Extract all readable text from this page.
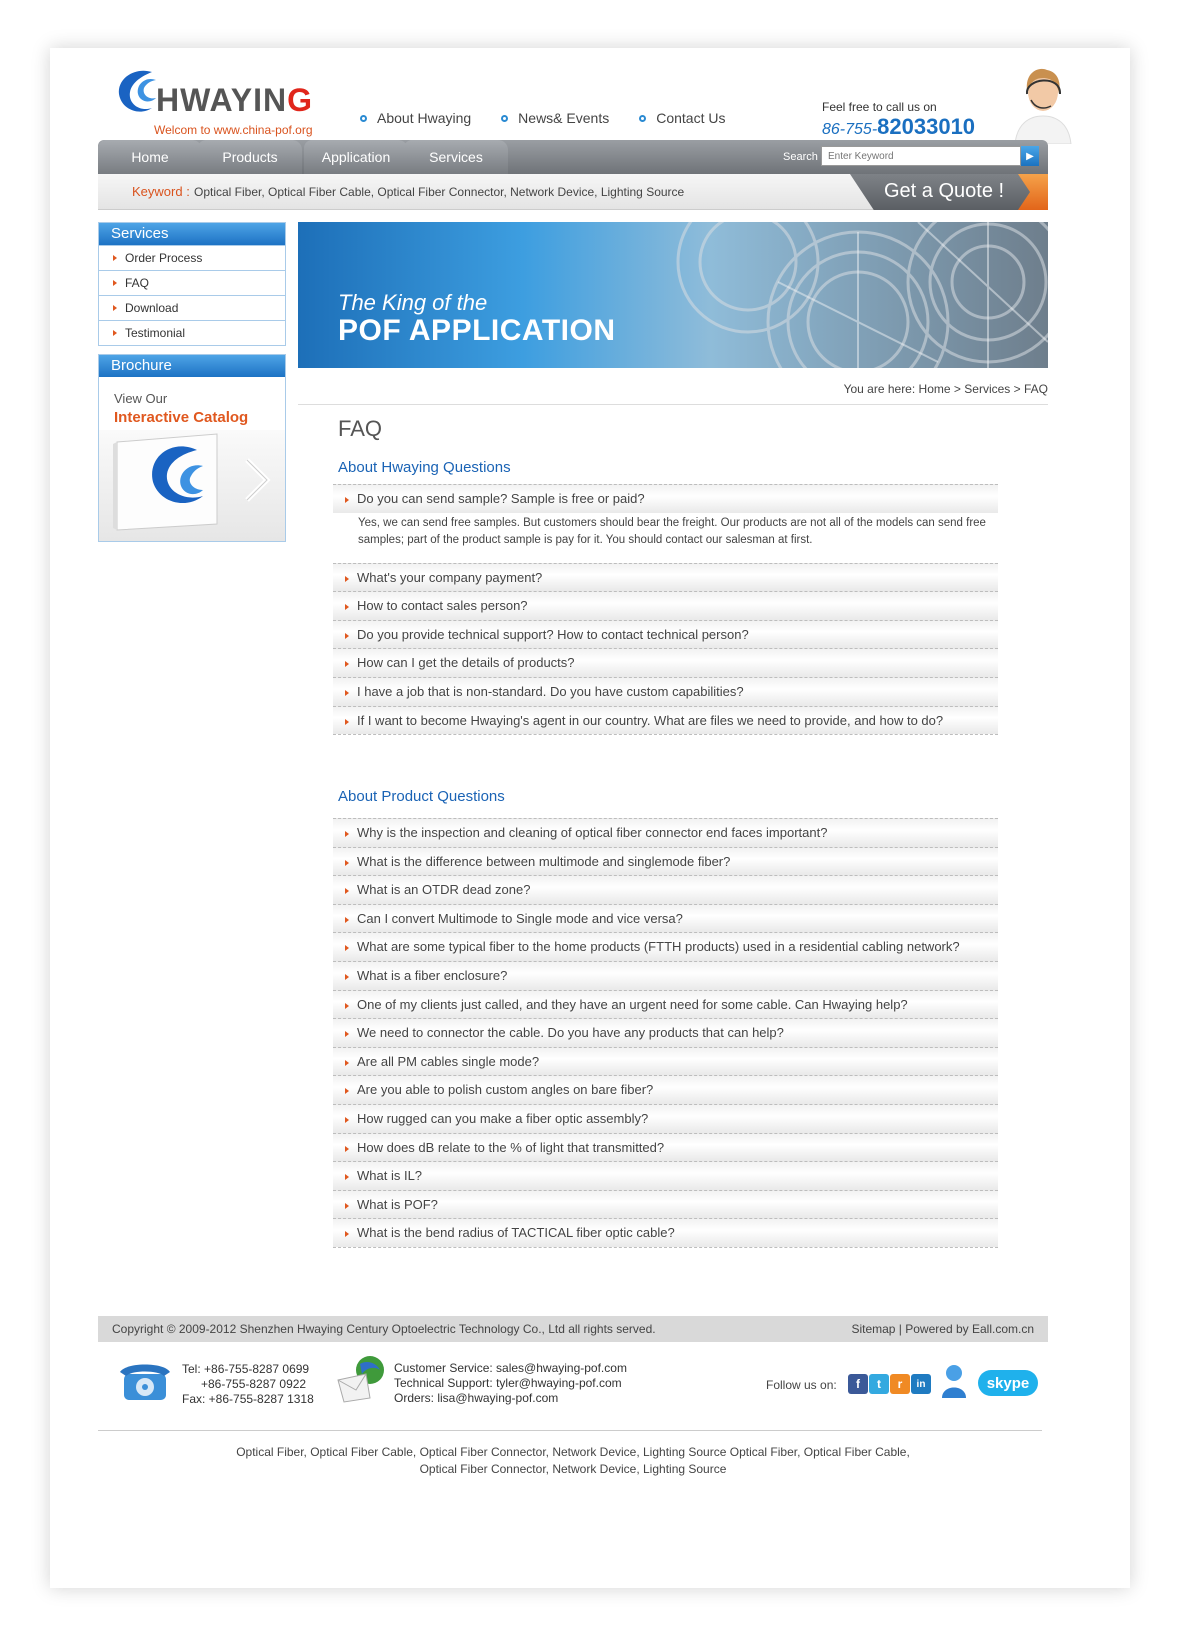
HWAYING
Welcom to www.china-pof.org
About Hwaying	News& Events	Contact Us
Feel free to call us on
86-755-82033010
Home	Products	Application	Services	Search
Enter Keyword	▶
Keyword : Optical Fiber, Optical Fiber Cable, Optical Fiber Connector, Network Device, Lighting Source	Get a Quote !
Services
Order Process
FAQ
Download
Testimonial
Brochure
View Our
Interactive Catalog
The King of the
POF APPLICATION
You are here: Home > Services > FAQ
FAQ
About Hwaying Questions
Do you can send sample? Sample is free or paid?
Yes, we can send free samples. But customers should bear the freight. Our products are not all of the models can send free samples; part of the product sample is pay for it. You should contact our salesman at first.
What's your company payment?
How to contact sales person?
Do you provide technical support? How to contact technical person?
How can I get the details of products?
I have a job that is non-standard. Do you have custom capabilities?
If I want to become Hwaying's agent in our country. What are files we need to provide, and how to do?
About Product Questions
Why is the inspection and cleaning of optical fiber connector end faces important?
What is the difference between multimode and singlemode fiber?
What is an OTDR dead zone?
Can I convert Multimode to Single mode and vice versa?
What are some typical fiber to the home products (FTTH products) used in a residential cabling network?
What is a fiber enclosure?
One of my clients just called, and they have an urgent need for some cable. Can Hwaying help?
We need to connector the cable. Do you have any products that can help?
Are all PM cables single mode?
Are you able to polish custom angles on bare fiber?
How rugged can you make a fiber optic assembly?
How does dB relate to the % of light that transmitted?
What is IL?
What is POF?
What is the bend radius of TACTICAL fiber optic cable?
Copyright © 2009-2012 Shenzhen Hwaying Century Optoelectric Technology Co., Ltd all rights served.	Sitemap | Powered by Eall.com.cn
Tel: +86-755-8287 0699
+86-755-8287 0922
Fax: +86-755-8287 1318
Customer Service: sales@hwaying-pof.com
Technical Support: tyler@hwaying-pof.com
Orders: lisa@hwaying-pof.com
Follow us on:	f	t	r	in	skype
Optical Fiber, Optical Fiber Cable, Optical Fiber Connector, Network Device, Lighting Source Optical Fiber, Optical Fiber Cable,
Optical Fiber Connector, Network Device, Lighting Source
